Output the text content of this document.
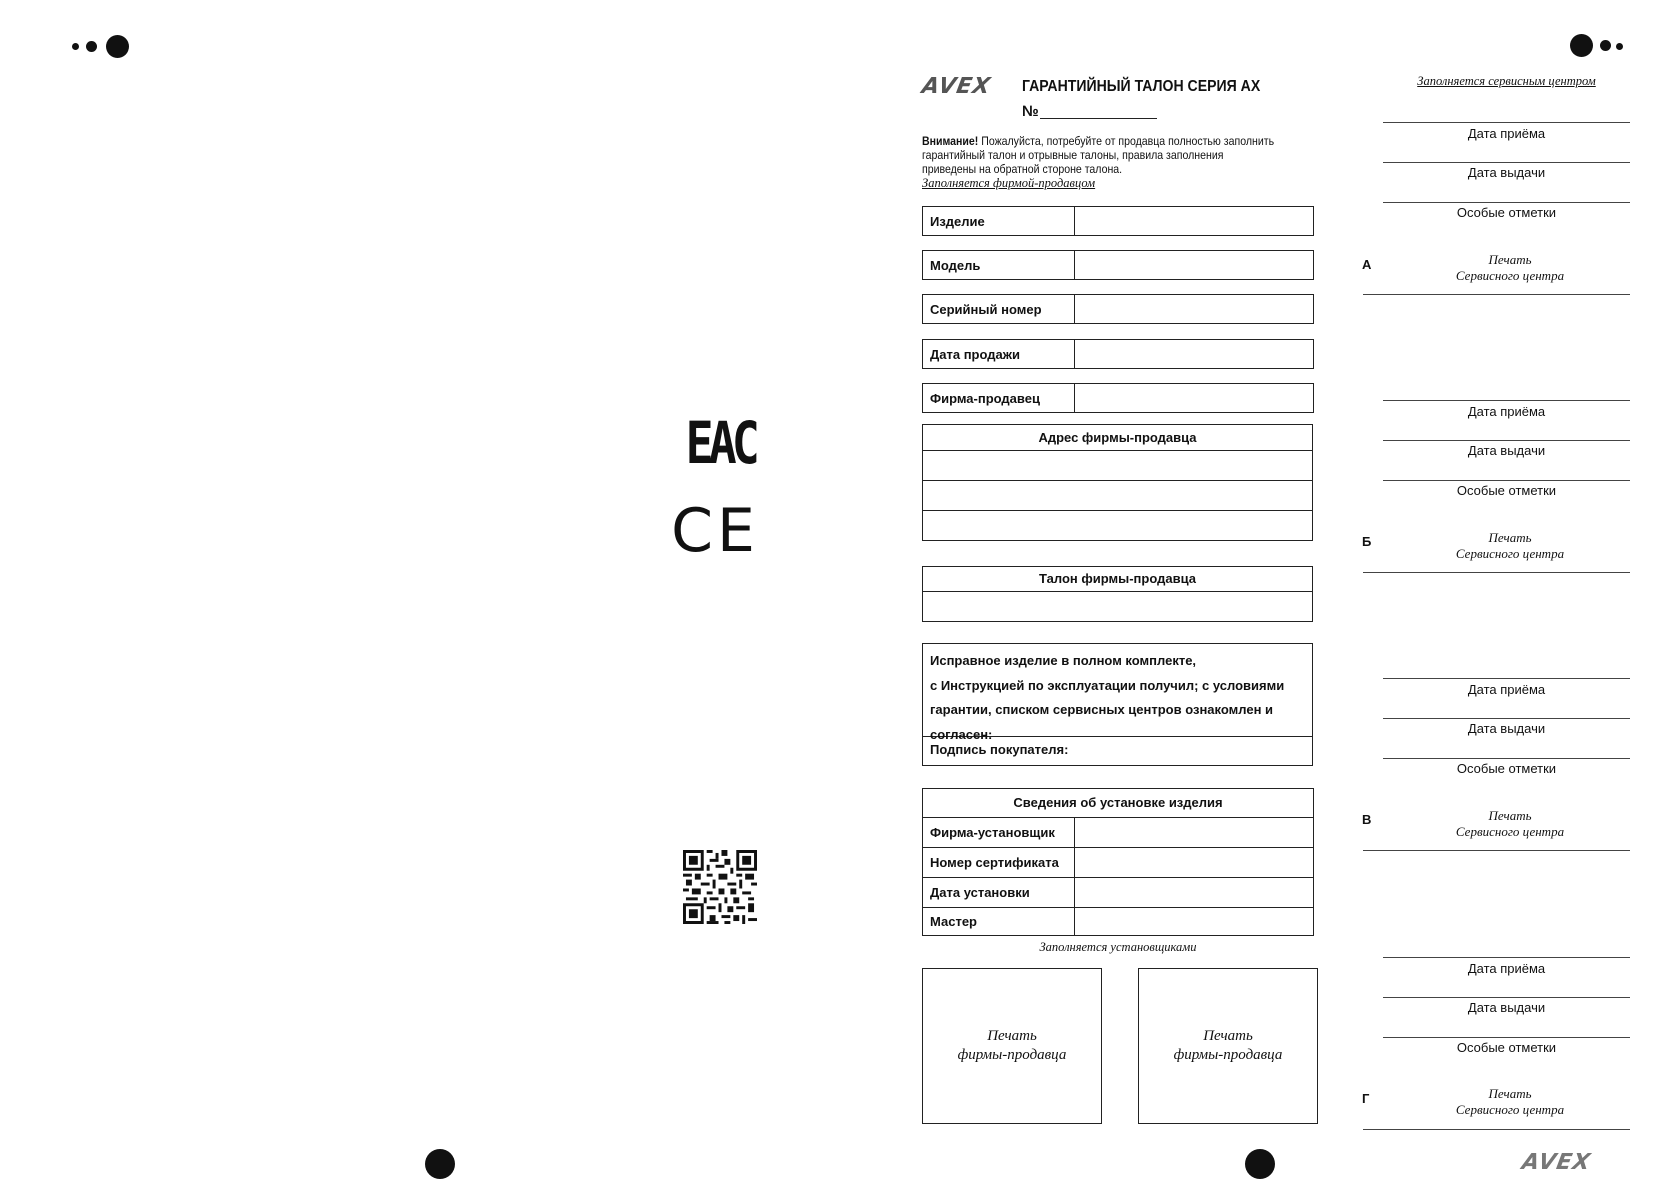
EAC
CE
AVEX ГАРАНТИЙНЫЙ ТАЛОН СЕРИЯ АХ
№
Внимание! Пожалуйста, потребуйте от продавца полностью заполнить
гарантийный талон и отрывные талоны, правила заполнения
приведены на обратной стороне талона.
Заполняется фирмой-продавцом
Изделие
Модель
Серийный номер
Дата продажи
Фирма-продавец
Адрес фирмы-продавца
Талон фирмы-продавца
Исправное изделие в полном комплекте,
с Инструкцией по эксплуатации получил; с условиями
гарантии, списком сервисных центров ознакомлен и
согласен:
Подпись покупателя:
Сведения об установке изделия
Фирма-установщик
Номер сертификата
Дата установки
Мастер
Заполняется установщиками
Печать
фирмы-продавца
Печать
фирмы-продавца
Заполняется сервисным центром
Дата приёма
Дата выдачи
Особые отметки
А	Печать
Сервисного центра
Дата приёма
Дата выдачи
Особые отметки
Б	Печать
Сервисного центра
Дата приёма
Дата выдачи
Особые отметки
В	Печать
Сервисного центра
Дата приёма
Дата выдачи
Особые отметки
Г	Печать
Сервисного центра
AVEX
